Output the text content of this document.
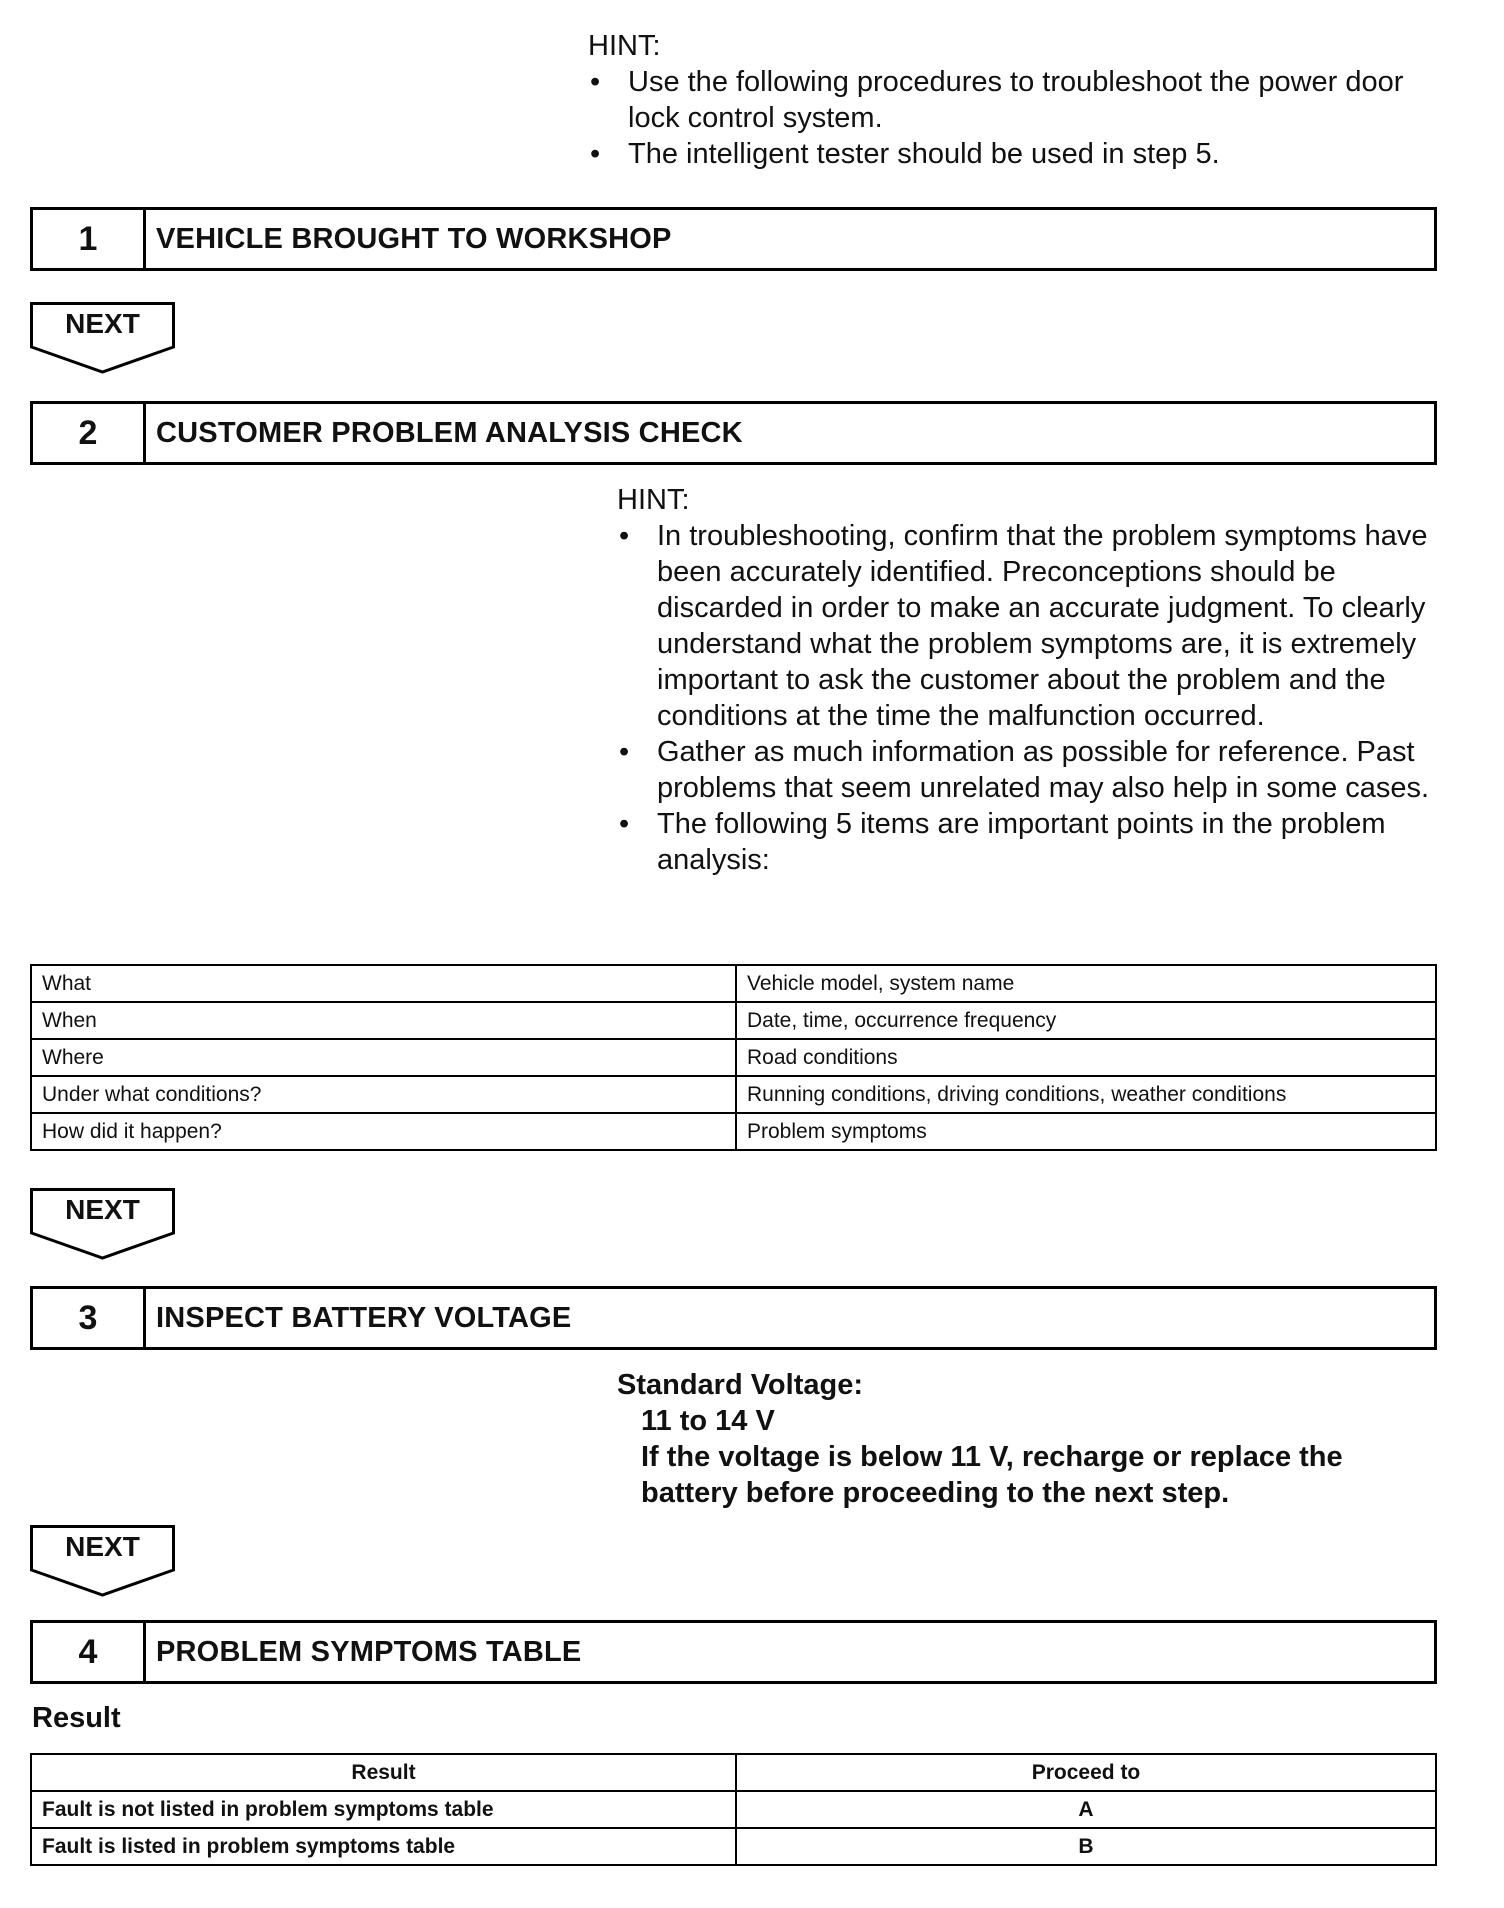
HINT:

• Use the following procedures to troubleshoot the power door lock control system.
• The intelligent tester should be used in step 5.
1	VEHICLE BROUGHT TO WORKSHOP
NEXT
2	CUSTOMER PROBLEM ANALYSIS CHECK

HINT:

• In troubleshooting, confirm that the problem symptoms have been accurately identified. Preconceptions should be discarded in order to make an accurate judgment. To clearly understand what the problem symptoms are, it is extremely important to ask the customer about the problem and the conditions at the time the malfunction occurred.
• Gather as much information as possible for reference. Past problems that seem unrelated may also help in some cases.
• The following 5 items are important points in the problem analysis:
What	Vehicle model, system name
When	Date, time, occurrence frequency
Where	Road conditions
Under what conditions?	Running conditions, driving conditions, weather conditions
How did it happen?	Problem symptoms
NEXT
3	INSPECT BATTERY VOLTAGE
Standard Voltage:
11 to 14 V
If the voltage is below 11 V, recharge or replace the battery before proceeding to the next step.
NEXT
4	PROBLEM SYMPTOMS TABLE
Result
Result	Proceed to
Fault is not listed in problem symptoms table	A
Fault is listed in problem symptoms table	B
